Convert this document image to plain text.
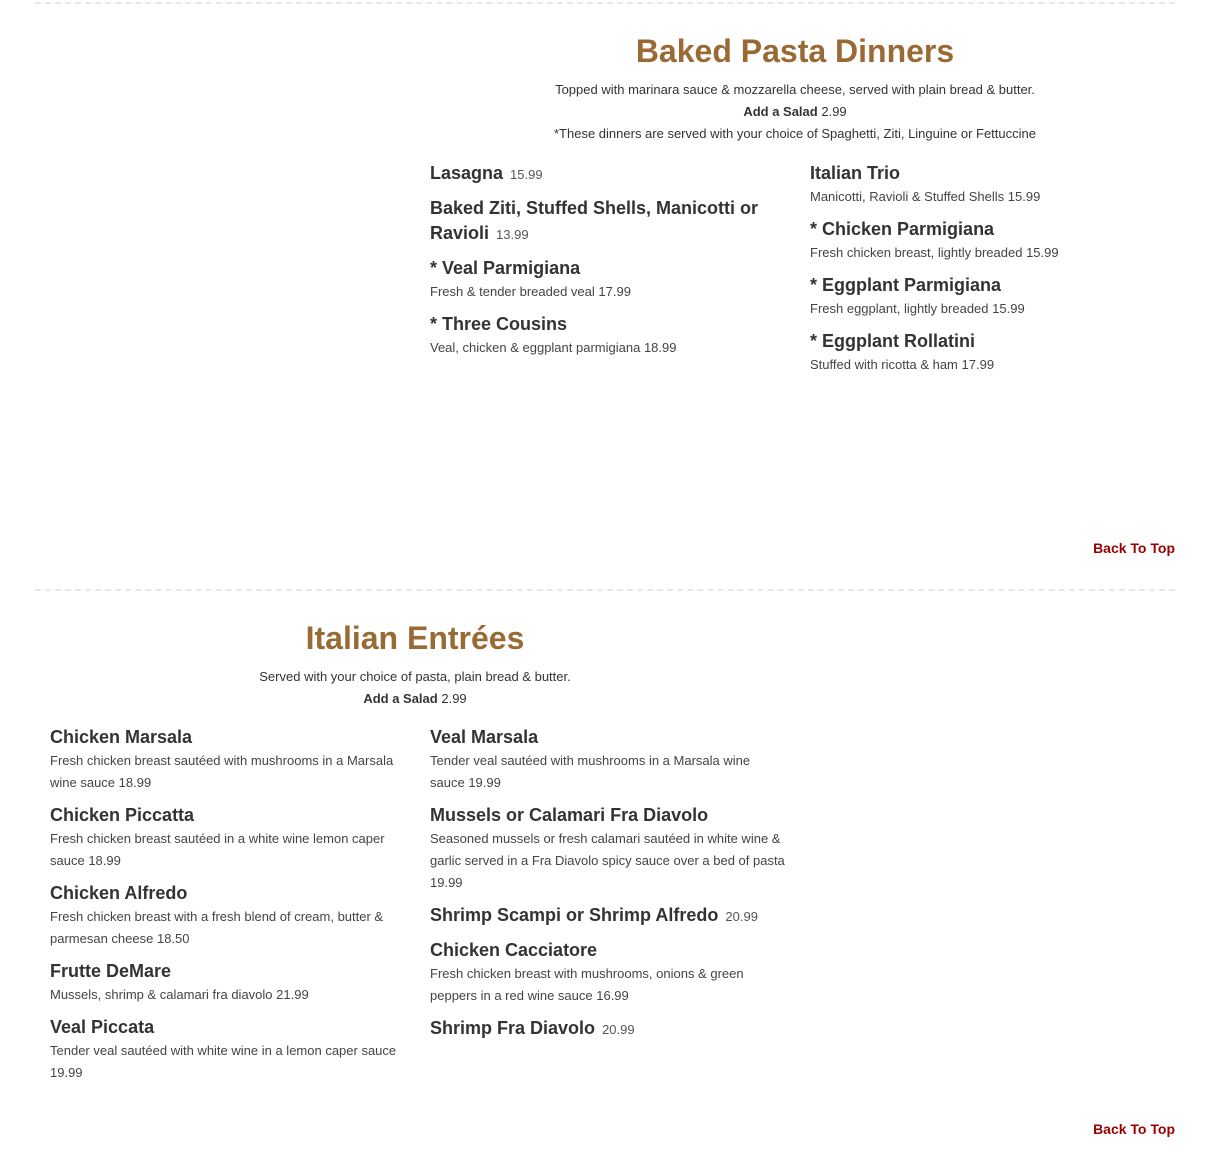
Baked Pasta Dinners
Topped with marinara sauce & mozzarella cheese, served with plain bread & butter.
Add a Salad 2.99
*These dinners are served with your choice of Spaghetti, Ziti, Linguine or Fettuccine
Lasagna 15.99
Baked Ziti, Stuffed Shells, Manicotti or Ravioli 13.99
* Veal Parmigiana
Fresh & tender breaded veal 17.99
* Three Cousins
Veal, chicken & eggplant parmigiana 18.99
Italian Trio
Manicotti, Ravioli & Stuffed Shells 15.99
* Chicken Parmigiana
Fresh chicken breast, lightly breaded 15.99
* Eggplant Parmigiana
Fresh eggplant, lightly breaded 15.99
* Eggplant Rollatini
Stuffed with ricotta & ham 17.99
Back To Top
Italian Entrées
Served with your choice of pasta, plain bread & butter.
Add a Salad 2.99
Chicken Marsala
Fresh chicken breast sautéed with mushrooms in a Marsala wine sauce 18.99
Chicken Piccatta
Fresh chicken breast sautéed in a white wine lemon caper sauce 18.99
Chicken Alfredo
Fresh chicken breast with a fresh blend of cream, butter & parmesan cheese 18.50
Frutte DeMare
Mussels, shrimp & calamari fra diavolo 21.99
Veal Piccata
Tender veal sautéed with white wine in a lemon caper sauce 19.99
Veal Marsala
Tender veal sautéed with mushrooms in a Marsala wine sauce 19.99
Mussels or Calamari Fra Diavolo
Seasoned mussels or fresh calamari sautéed in white wine & garlic served in a Fra Diavolo spicy sauce over a bed of pasta 19.99
Shrimp Scampi or Shrimp Alfredo 20.99
Chicken Cacciatore
Fresh chicken breast with mushrooms, onions & green peppers in a red wine sauce 16.99
Shrimp Fra Diavolo 20.99
Back To Top
